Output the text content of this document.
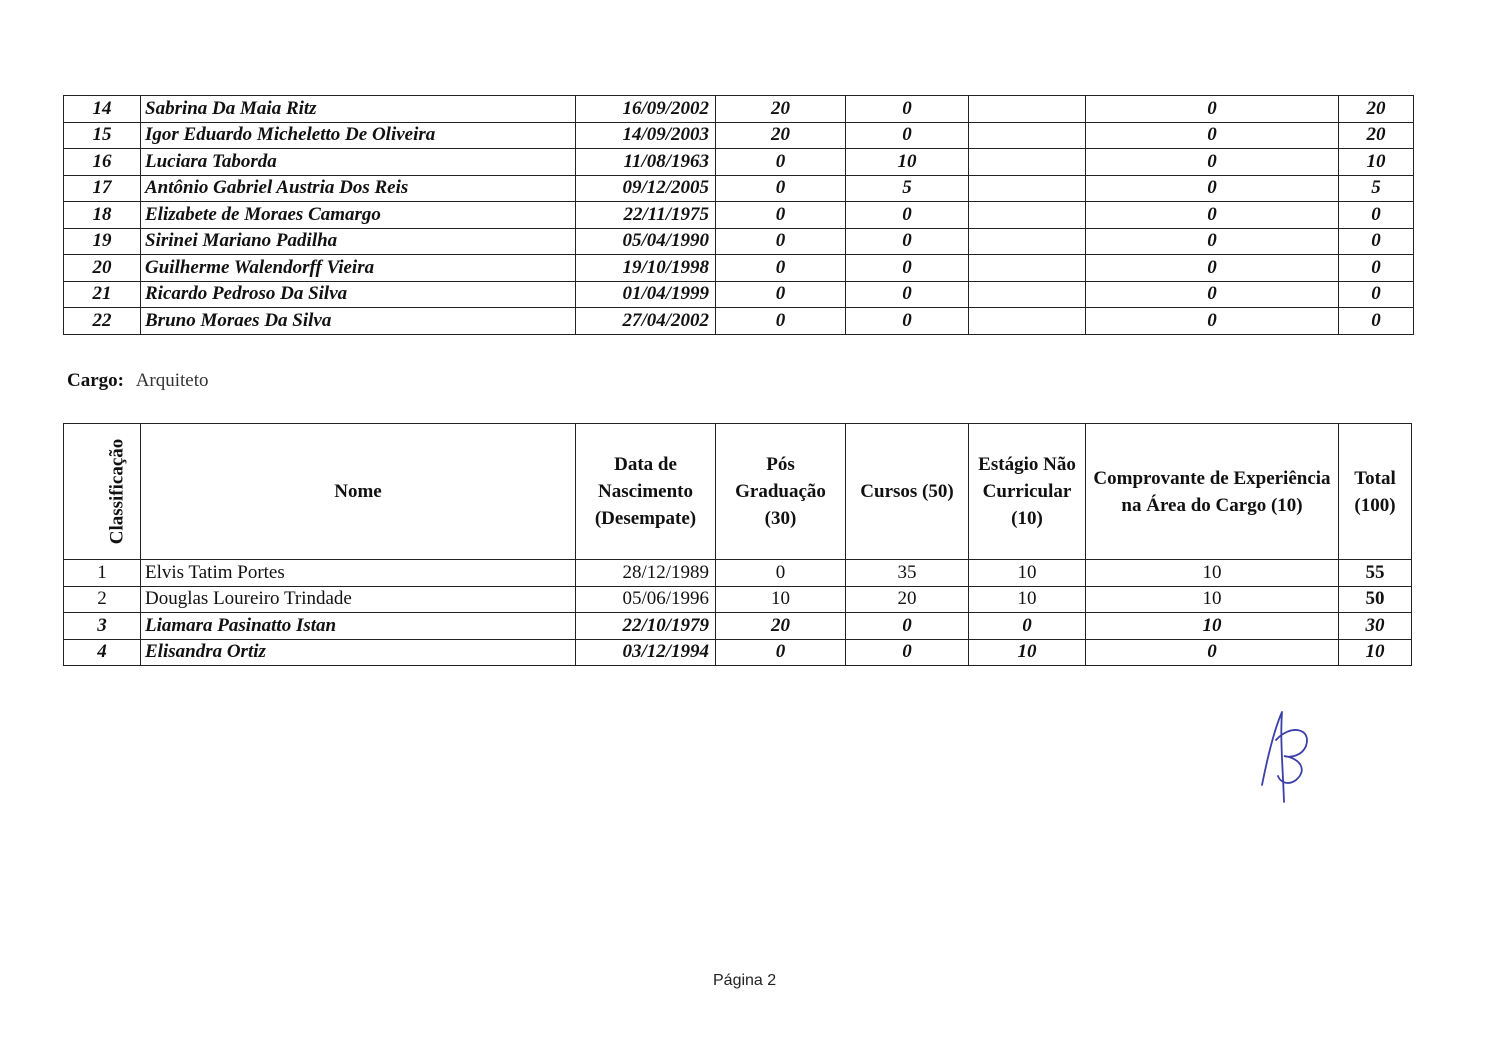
14	Sabrina Da Maia Ritz	16/09/2002	20	0		0	20
15	Igor Eduardo Micheletto De Oliveira	14/09/2003	20	0		0	20
16	Luciara Taborda	11/08/1963	0	10		0	10
17	Antônio Gabriel Austria Dos Reis	09/12/2005	0	5		0	5
18	Elizabete de Moraes Camargo	22/11/1975	0	0		0	0
19	Sirinei Mariano Padilha	05/04/1990	0	0		0	0
20	Guilherme Walendorff Vieira	19/10/1998	0	0		0	0
21	Ricardo Pedroso Da Silva	01/04/1999	0	0		0	0
22	Bruno Moraes Da Silva	27/04/2002	0	0		0	0
Cargo: Arquiteto
Classificação	Nome	Data de Nascimento (Desempate)	Pós Graduação (30)	Cursos (50)	Estágio Não Curricular (10)	Comprovante de Experiência na Área do Cargo (10)	Total (100)
1	Elvis Tatim Portes	28/12/1989	0	35	10	10	55
2	Douglas Loureiro Trindade	05/06/1996	10	20	10	10	50
3	Liamara Pasinatto Istan	22/10/1979	20	0	0	10	30
4	Elisandra Ortiz	03/12/1994	0	0	10	0	10
Página 2
